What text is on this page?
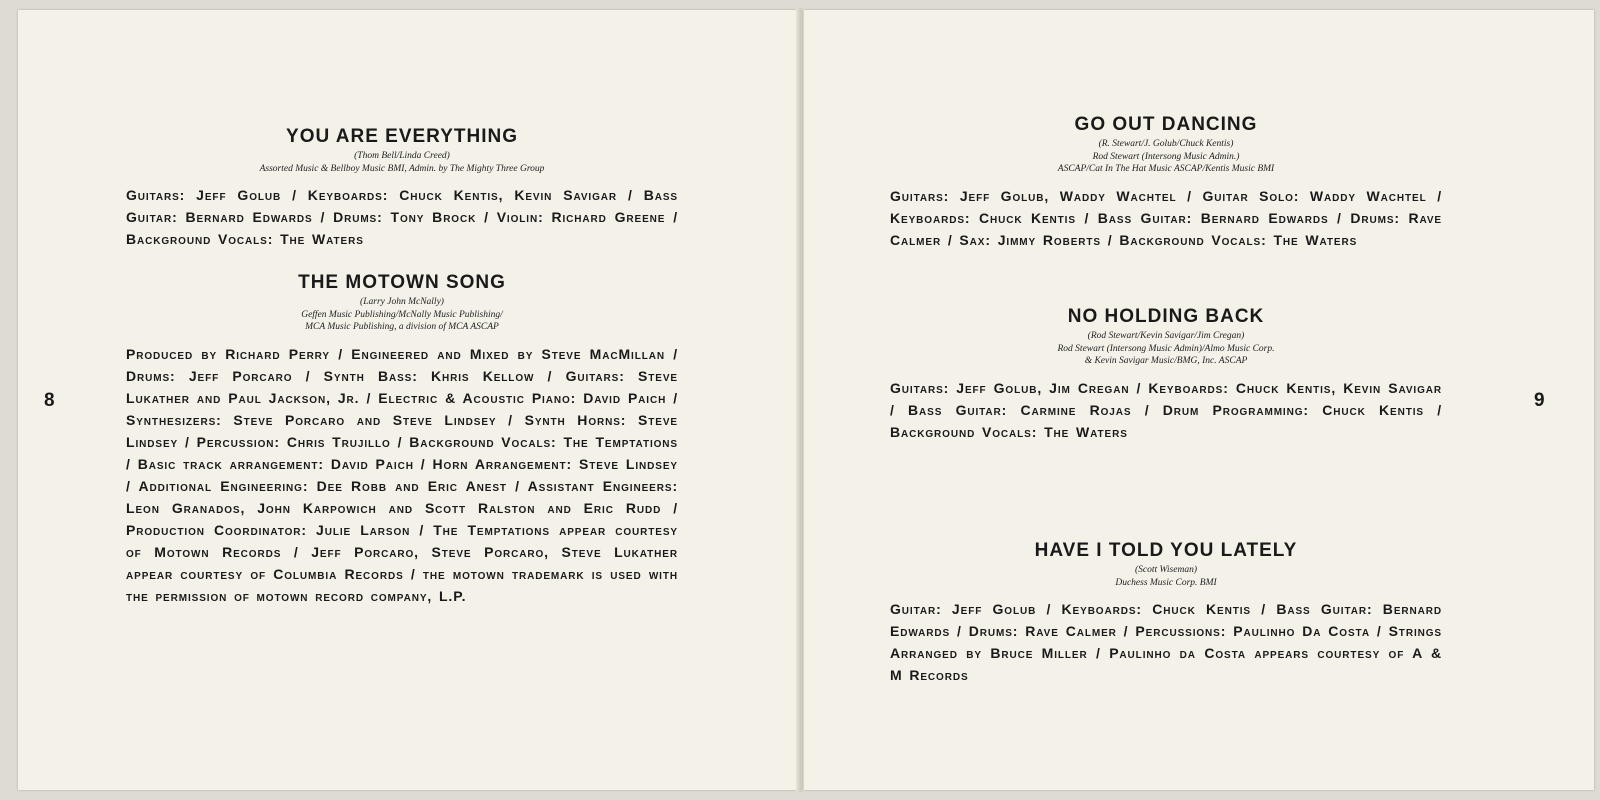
8

YOU ARE EVERYTHING

(Thom Bell/Linda Creed)

Assorted Music & Bellboy Music BMI, Admin. by The Mighty Three Group

Guitars: Jeff Golub / Keyboards: Chuck Kentis, Kevin Savigar / Bass Guitar: Bernard Edwards / Drums: Tony Brock / Violin: Richard Greene / Background Vocals: The Waters

THE MOTOWN SONG

(Larry John McNally)

Geffen Music Publishing/McNally Music Publishing/

MCA Music Publishing, a division of MCA ASCAP

Produced by Richard Perry / Engineered and Mixed by Steve MacMillan / Drums: Jeff Porcaro / Synth Bass: Khris Kellow / Guitars: Steve Lukather and Paul Jackson, Jr. / Electric & Acoustic Piano: David Paich / Synthesizers: Steve Porcaro and Steve Lindsey / Synth Horns: Steve Lindsey / Percussion: Chris Trujillo / Background Vocals: The Temptations / Basic track arrangement: David Paich / Horn Arrangement: Steve Lindsey / Additional Engineering: Dee Robb and Eric Anest / Assistant Engineers: Leon Granados, John Karpowich and Scott Ralston and Eric Rudd / Production Coordinator: Julie Larson / The Temptations appear courtesy of Motown Records / Jeff Porcaro, Steve Porcaro, Steve Lukather appear courtesy of Columbia Records / the motown trademark is used with the permission of motown record company, L.P.

9

GO OUT DANCING

(R. Stewart/J. Golub/Chuck Kentis)

Rod Stewart (Intersong Music Admin.)

ASCAP/Cat In The Hat Music ASCAP/Kentis Music BMI

Guitars: Jeff Golub, Waddy Wachtel / Guitar Solo: Waddy Wachtel / Keyboards: Chuck Kentis / Bass Guitar: Bernard Edwards / Drums: Rave Calmer / Sax: Jimmy Roberts / Background Vocals: The Waters

NO HOLDING BACK

(Rod Stewart/Kevin Savigar/Jim Cregan)

Rod Stewart (Intersong Music Admin)/Almo Music Corp.

& Kevin Savigar Music/BMG, Inc. ASCAP

Guitars: Jeff Golub, Jim Cregan / Keyboards: Chuck Kentis, Kevin Savigar / Bass Guitar: Carmine Rojas / Drum Programming: Chuck Kentis / Background Vocals: The Waters

HAVE I TOLD YOU LATELY

(Scott Wiseman)

Duchess Music Corp. BMI

Guitar: Jeff Golub / Keyboards: Chuck Kentis / Bass Guitar: Bernard Edwards / Drums: Rave Calmer / Percussions: Paulinho Da Costa / Strings Arranged by Bruce Miller / Paulinho da Costa appears courtesy of A & M Records
